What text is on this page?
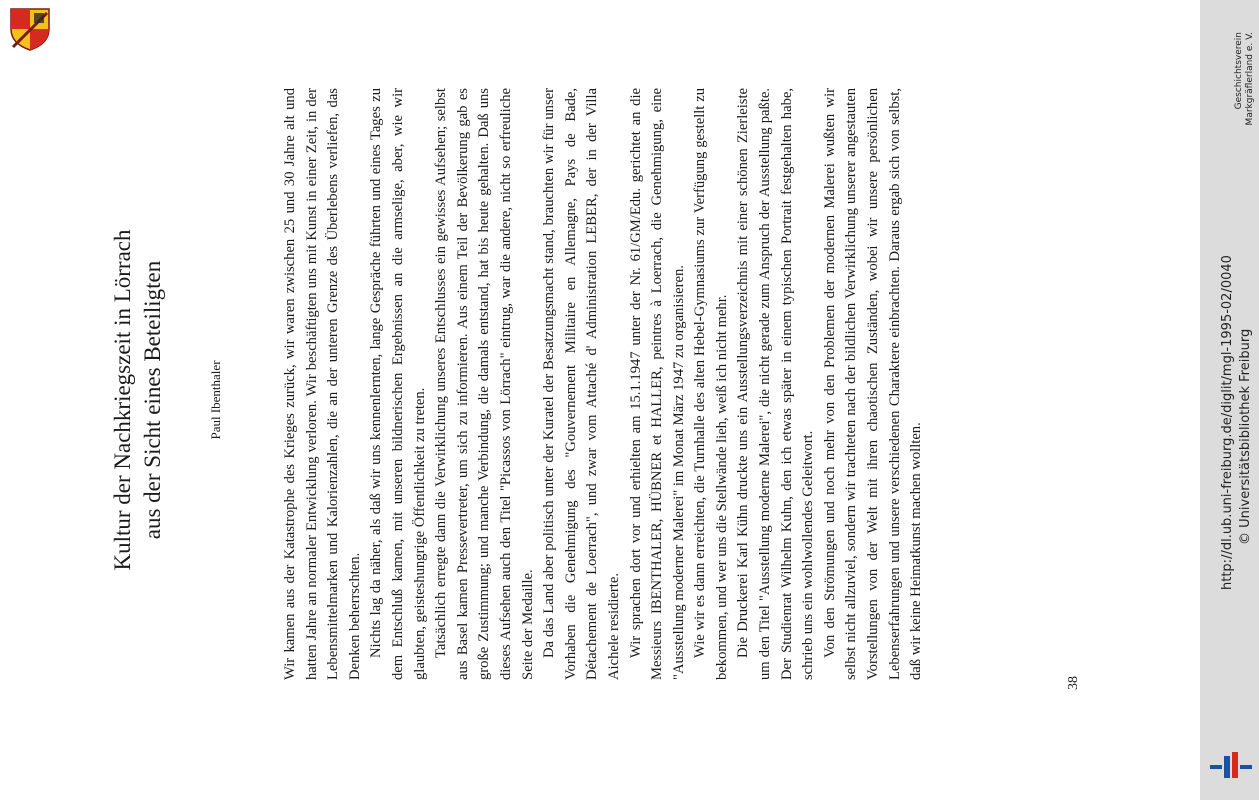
Kultur der Nachkriegszeit in Lörrach aus der Sicht eines Beteiligten	Paul Ibenthaler	Wir kamen aus der Katastrophe des Krieges zurück, wir waren zwischen 25 und 30 Jahre alt und hatten Jahre an normaler Entwicklung verloren. Wir beschäftigten uns mit Kunst in einer Zeit, in der Lebensmittelmarken und Kalorienzahlen, die an der unteren Grenze des Überlebens verliefen, das Denken beherrschten. Nichts lag da näher, als daß wir uns kennenlernten, lange Gespräche führten und eines Tages zu dem Entschluß kamen, mit unseren bildnerischen Ergebnissen an die armselige, aber, wie wir glaubten, geisteshungrige Öffentlichkeit zu treten. Tatsächlich erregte dann die Verwirklichung unseres Entschlusses ein gewisses Aufsehen; selbst aus Basel kamen Pressevertreter, um sich zu informieren. Aus einem Teil der Bevölkerung gab es große Zustimmung; und manche Verbindung, die damals entstand, hat bis heute gehalten. Daß uns dieses Aufsehen auch den Titel "Picassos von Lörrach" eintrug, war die andere, nicht so erfreuliche Seite der Medaille. Da das Land aber politisch unter der Kuratel der Besatzungsmacht stand, brauchten wir für unser Vorhaben die Genehmigung des "Gouvernement Militaire en Allemagne, Pays de Bade, Détachement de Loerrach", und zwar vom Attaché d' Administration LEBER, der in der Villa Aichele residierte. Wir sprachen dort vor und erhielten am 15.1.1947 unter der Nr. 61/GM/Edu. gerichtet an die Messieurs IBENTHALER, HÜBNER et HALLER, peintres à Loerrach, die Genehmigung, eine "Ausstellung moderner Malerei" im Monat März 1947 zu organisieren. Wie wir es dann erreichten, die Turnhalle des alten Hebel-Gymnasiums zur Verfügung gestellt zu bekommen, und wer uns die Stellwände lieh, weiß ich nicht mehr. Die Druckerei Karl Kühn druckte uns ein Ausstellungsverzeichnis mit einer schönen Zierleiste um den Titel "Ausstellung moderne Malerei", die nicht gerade zum Anspruch der Ausstellung paßte. Der Studienrat Wilhelm Kuhn, den ich etwas später in einem typischen Portrait festgehalten habe, schrieb uns ein wohlwollendes Geleitwort. Von den Strömungen und noch mehr von den Problemen der modernen Malerei wußten wir selbst nicht allzuviel, sondern wir trachteten nach der bildlichen Verwirklichung unserer angestauten Vorstellungen von der Welt mit ihren chaotischen Zuständen, wobei wir unsere persönlichen Lebenserfahrungen und unsere verschiedenen Charaktere einbrachten. Daraus ergab sich von selbst, daß wir keine Heimatkunst machen wollten.

38
Geschichtsverein Markgräflerland e. V.
http://dl.ub.uni-freiburg.de/diglit/mgl-1995-02/0040 © Universitätsbibliothek Freiburg
